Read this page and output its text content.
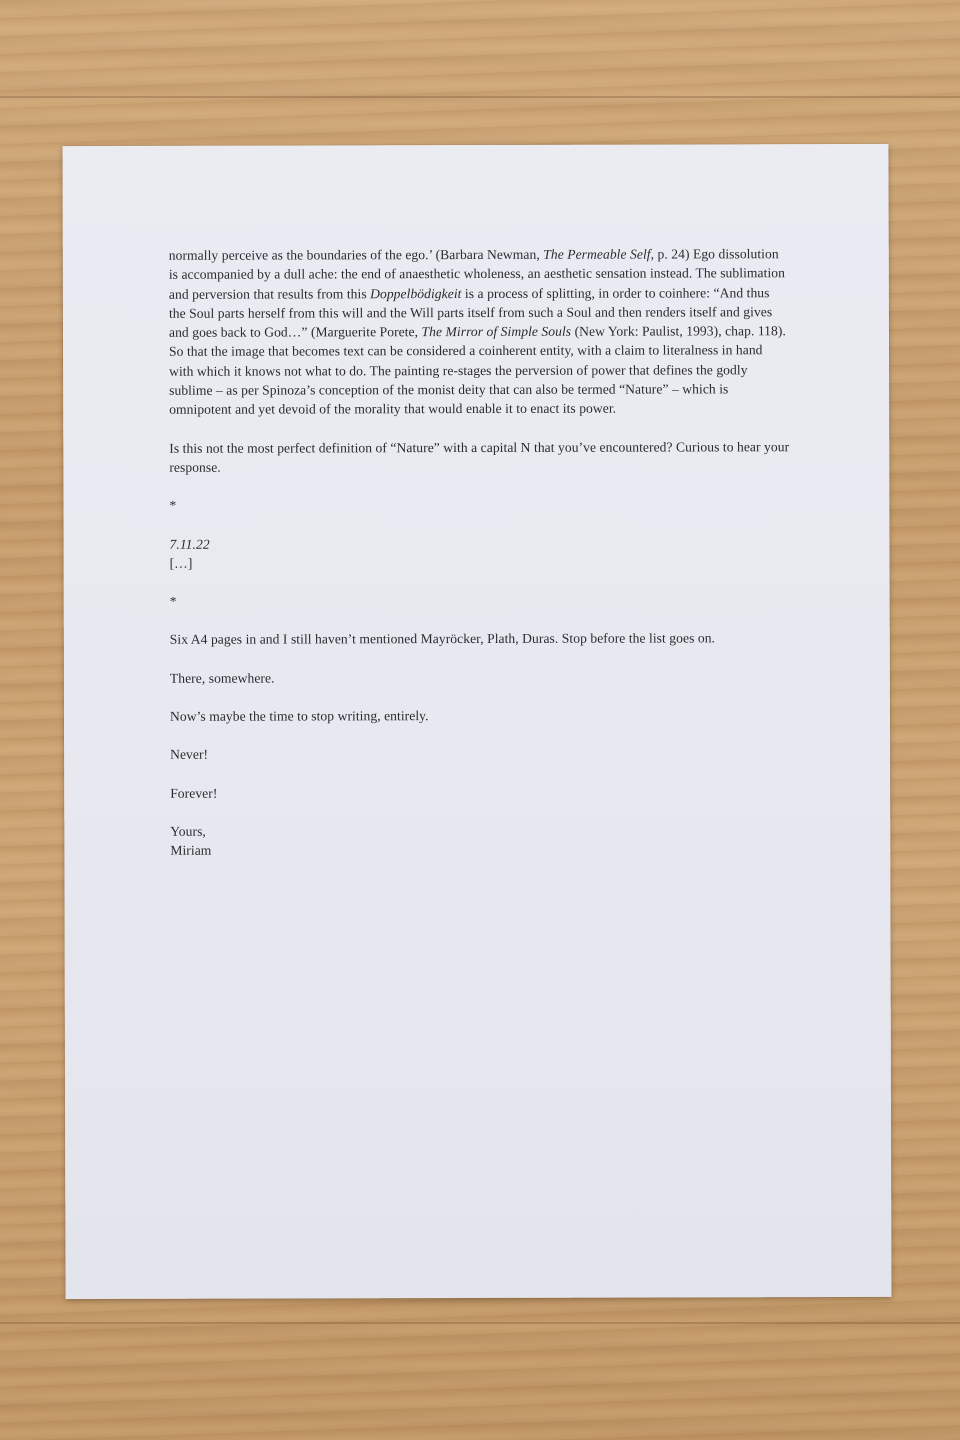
normally perceive as the boundaries of the ego.’ (Barbara Newman, The Permeable Self, p. 24) Ego dissolution is accompanied by a dull ache: the end of anaesthetic wholeness, an aesthetic sensation instead. The sublimation and perversion that results from this Doppelbödigkeit is a process of splitting, in order to coinhere: “And thus the Soul parts herself from this will and the Will parts itself from such a Soul and then renders itself and gives and goes back to God…” (Marguerite Porete, The Mirror of Simple Souls (New York: Paulist, 1993), chap. 118). So that the image that becomes text can be considered a coinherent entity, with a claim to literalness in hand with which it knows not what to do. The painting re-stages the perversion of power that defines the godly sublime – as per Spinoza’s conception of the monist deity that can also be termed “Nature” – which is omnipotent and yet devoid of the morality that would enable it to enact its power.

Is this not the most perfect definition of “Nature” with a capital N that you’ve encountered? Curious to hear your response.

*

7.11.22

[…]

*

Six A4 pages in and I still haven’t mentioned Mayröcker, Plath, Duras. Stop before the list goes on.

There, somewhere.

Now’s maybe the time to stop writing, entirely.

Never!

Forever!

Yours,

Miriam
